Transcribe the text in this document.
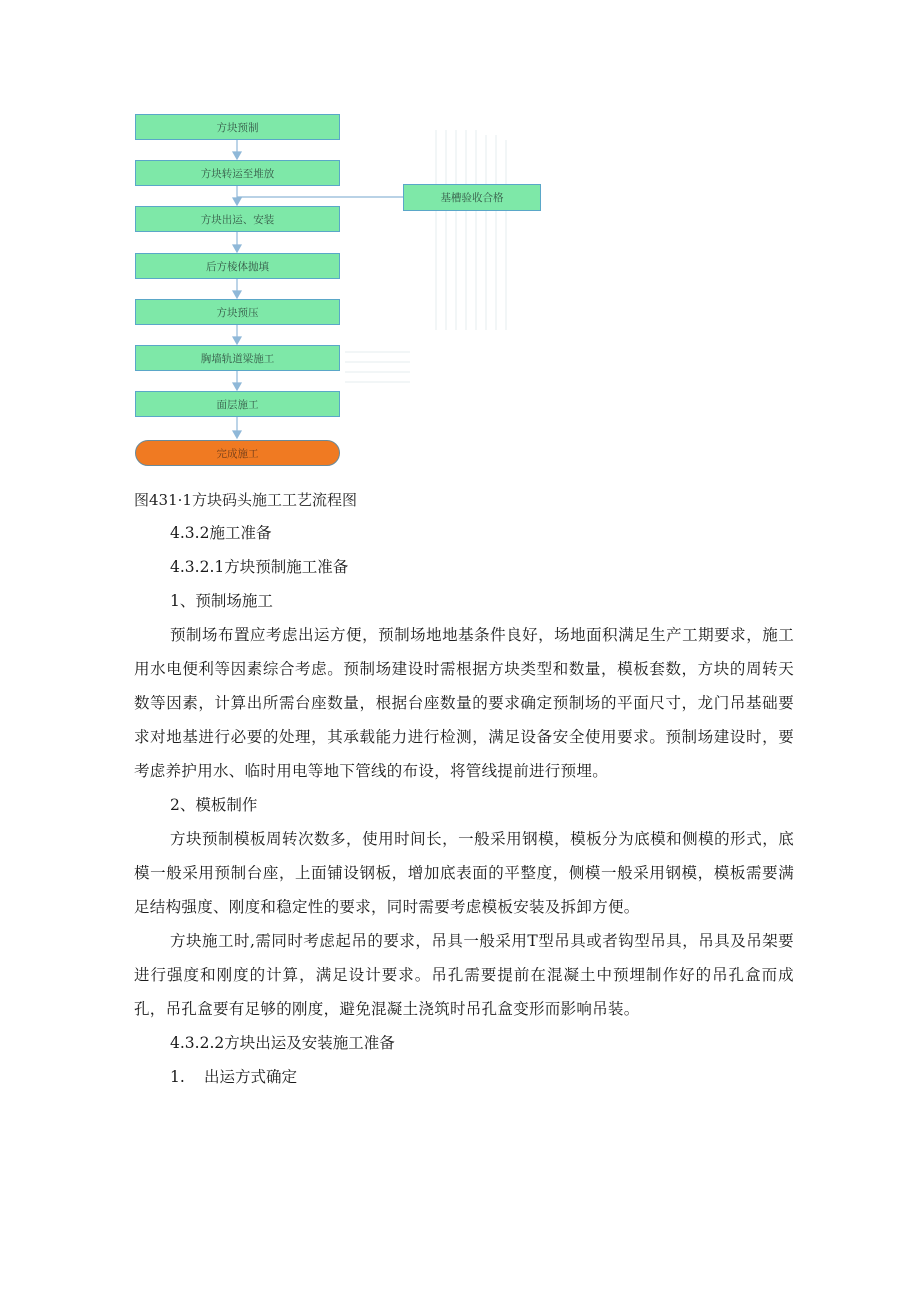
方块预制
方块转运至堆放
方块出运、安装
后方棱体抛填
方块预压
胸墙轨道梁施工
面层施工
完成施工
基槽验收合格
图431·1方块码头施工工艺流程图
4.3.2施工准备
4.3.2.1方块预制施工准备
1、预制场施工

预制场布置应考虑出运方便，预制场地地基条件良好，场地面积满足生产工期要求，施工用水电便利等因素综合考虑。预制场建设时需根据方块类型和数量，模板套数，方块的周转天数等因素，计算出所需台座数量，根据台座数量的要求确定预制场的平面尺寸，龙门吊基础要求对地基进行必要的处理，其承载能力进行检测，满足设备安全使用要求。预制场建设时，要考虑养护用水、临时用电等地下管线的布设，将管线提前进行预埋。

2、模板制作

方块预制模板周转次数多，使用时间长，一般采用钢模，模板分为底模和侧模的形式，底模一般采用预制台座，上面铺设钢板，增加底表面的平整度，侧模一般采用钢模，模板需要满足结构强度、刚度和稳定性的要求，同时需要考虑模板安装及拆卸方便。

方块施工时,需同时考虑起吊的要求，吊具一般采用T型吊具或者钩型吊具，吊具及吊架要进行强度和刚度的计算，满足设计要求。吊孔需要提前在混凝土中预埋制作好的吊孔盒而成孔，吊孔盒要有足够的刚度，避免混凝土浇筑时吊孔盒变形而影响吊装。

4.3.2.2方块出运及安装施工准备
1. 出运方式确定
